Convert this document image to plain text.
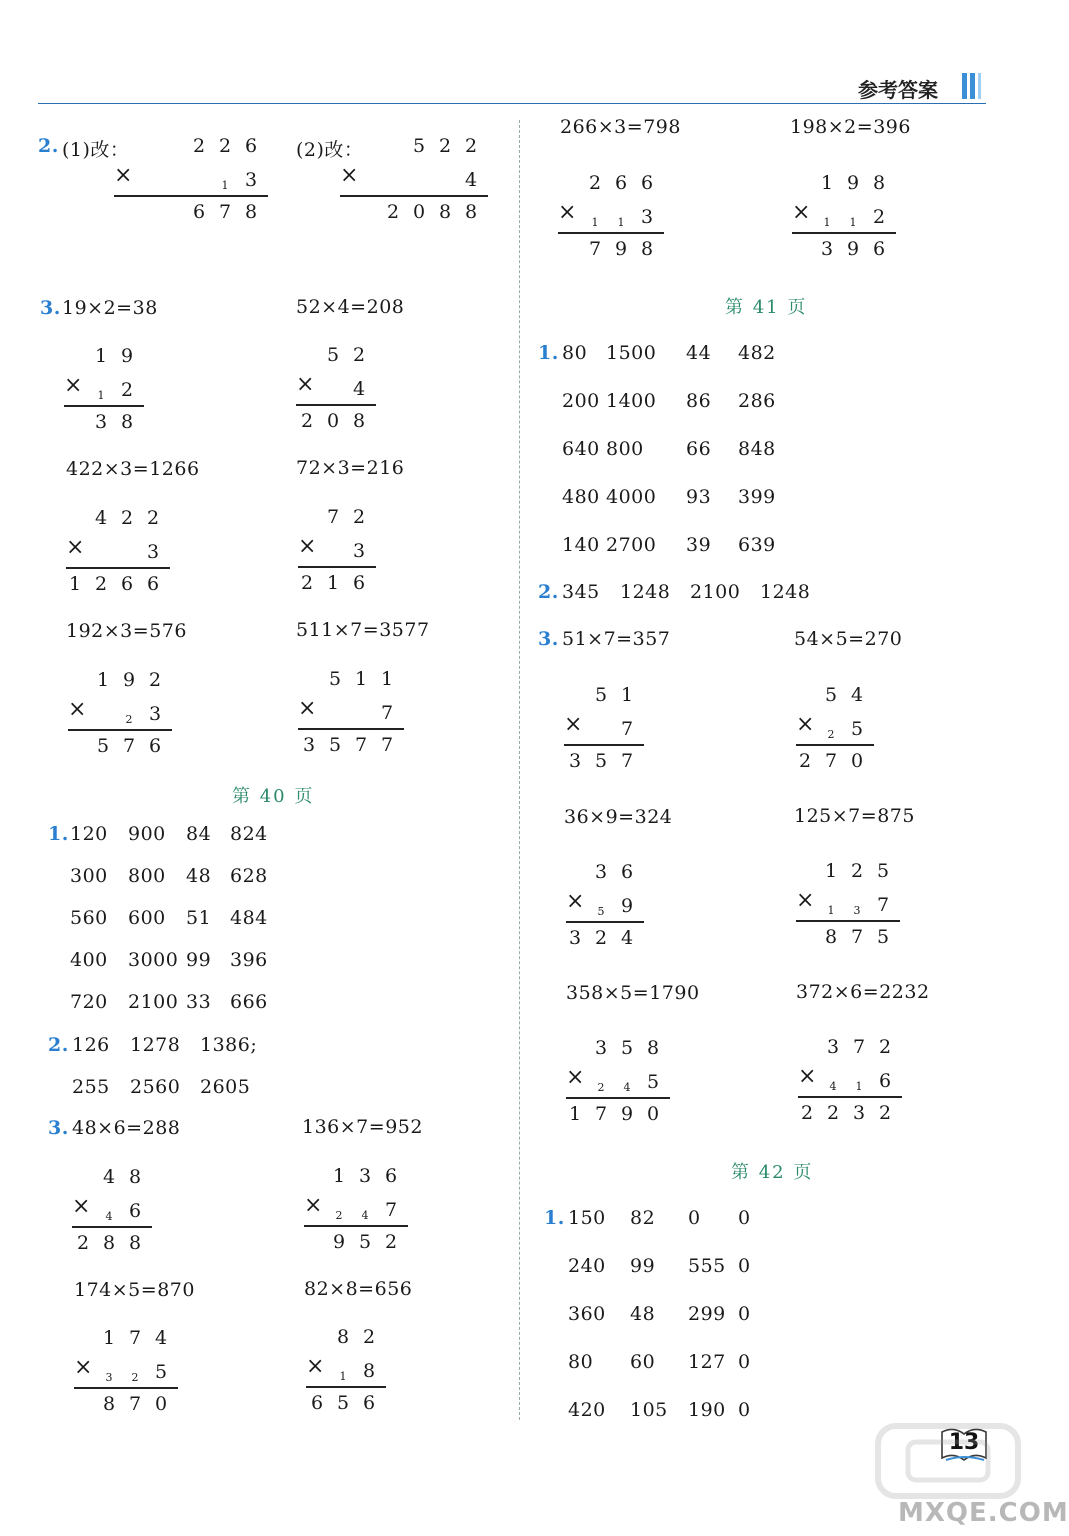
参考答案
2. (1)改：	(2)改：
3. 19×2=38	52×4=208
422×3=1266	72×3=216
192×3=576	511×7=3577
第 40 页
1. 120 900 84 824
300 800 48 628
560 600 51 484
400 3000 99 396
720 2100 33 666
2. 126 1278 1386;
255 2560 2605
3. 48×6=288	136×7=952
174×5=870	82×8=656
266×3=798	198×2=396
第 41 页
1. 80 1500 44 482
200 1400 86 286
640 800 66 848
480 4000 93 399
140 2700 39 639
2. 345 1248 2100 1248
3. 51×7=357	54×5=270
36×9=324	125×7=875
358×5=1790	372×6=2232
第 42 页
1. 150 82 0 0
240 99 555 0
360 48 299 0
80 60 127 0
420 105 190 0
2 2 6
×	1 3
6 7 8
5 2 2
×	4
2 0 8 8
1 9
×	1 2
3 8
5 2
×	4
2 0 8
4 2 2
×	3
1 2 6 6
7 2
×	3
2 1 6
1 9 2
×	2 3
5 7 6
5 1 1
×	7
3 5 7 7
4 8
×	4 6
2 8 8
1 3 6
×	2	4 7
9 5 2
1 7 4
×	3	2 5
8 7 0
8 2
×	1 8
6 5 6
2 6 6
×	1	1 3
7 9 8
1 9 8
×	1	1 2
3 9 6
5 1
×	7
3 5 7
5 4
×	2 5
2 7 0
3 6
×	5 9
3 2 4
1 2 5
×	1	3 7
8 7 5
3 5 8
×	2	4 5
1 7 9 0
3 7 2
×	4	1 6
2 2 3 2
13
MXQE.COM
